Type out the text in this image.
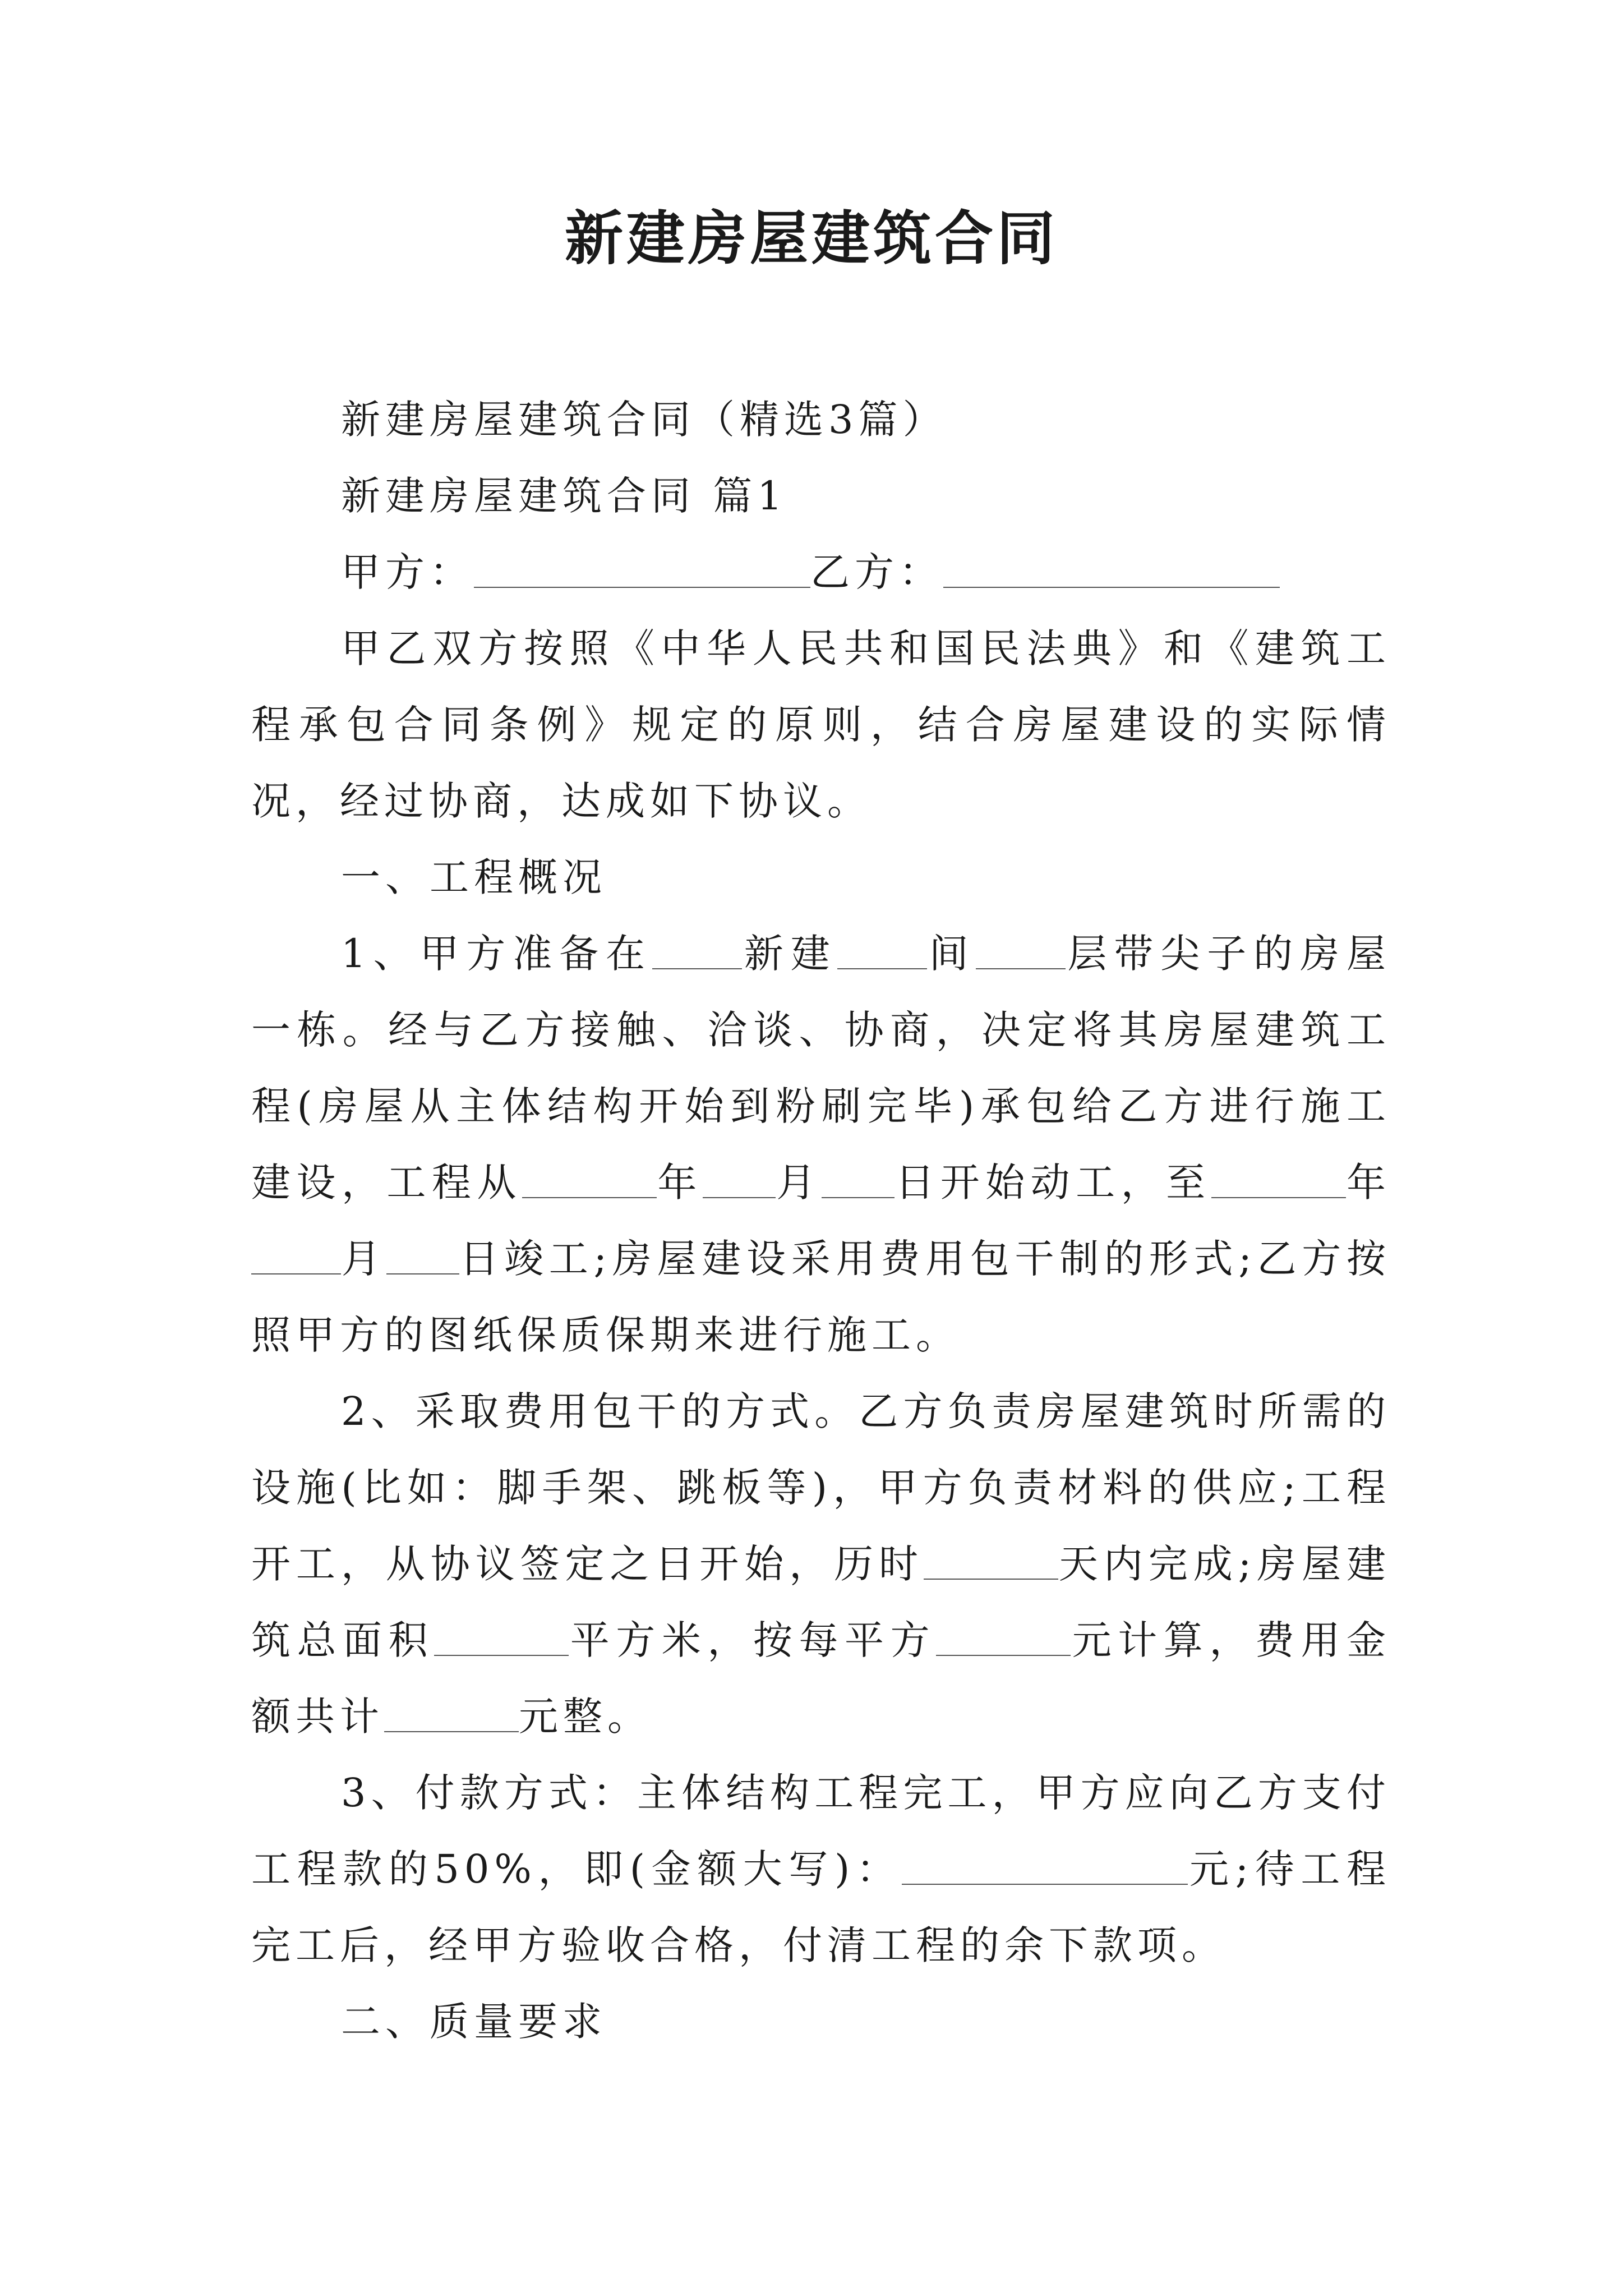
新建房屋建筑合同

新建房屋建筑合同（精选3篇）

新建房屋建筑合同 篇1

甲方：	乙方：

甲乙双方按照《中华人民共和国民法典》和《建筑工程承包合同条例》规定的原则，结合房屋建设的实际情况，经过协商，达成如下协议。

一、工程概况

1、甲方准备在 新建 间 层带尖子的房屋一栋。经与乙方接触、洽谈、协商，决定将其房屋建筑工程(房屋从主体结构开始到粉刷完毕)承包给乙方进行施工建设，工程从	年 月 日开始动工，至	年月 日竣工;房屋建设采用费用包干制的形式;乙方按照甲方的图纸保质保期来进行施工。

2、采取费用包干的方式。乙方负责房屋建筑时所需的设施(比如：脚手架、跳板等)，甲方负责材料的供应;工程开工，从协议签定之日开始，历时	天内完成;房屋建筑总面积	平方米，按每平方	元计算，费用金额共计	元整。

3、付款方式：主体结构工程完工，甲方应向乙方支付工程款的50%，即(金额大写)：	元;待工程完工后，经甲方验收合格，付清工程的余下款项。

二、质量要求
